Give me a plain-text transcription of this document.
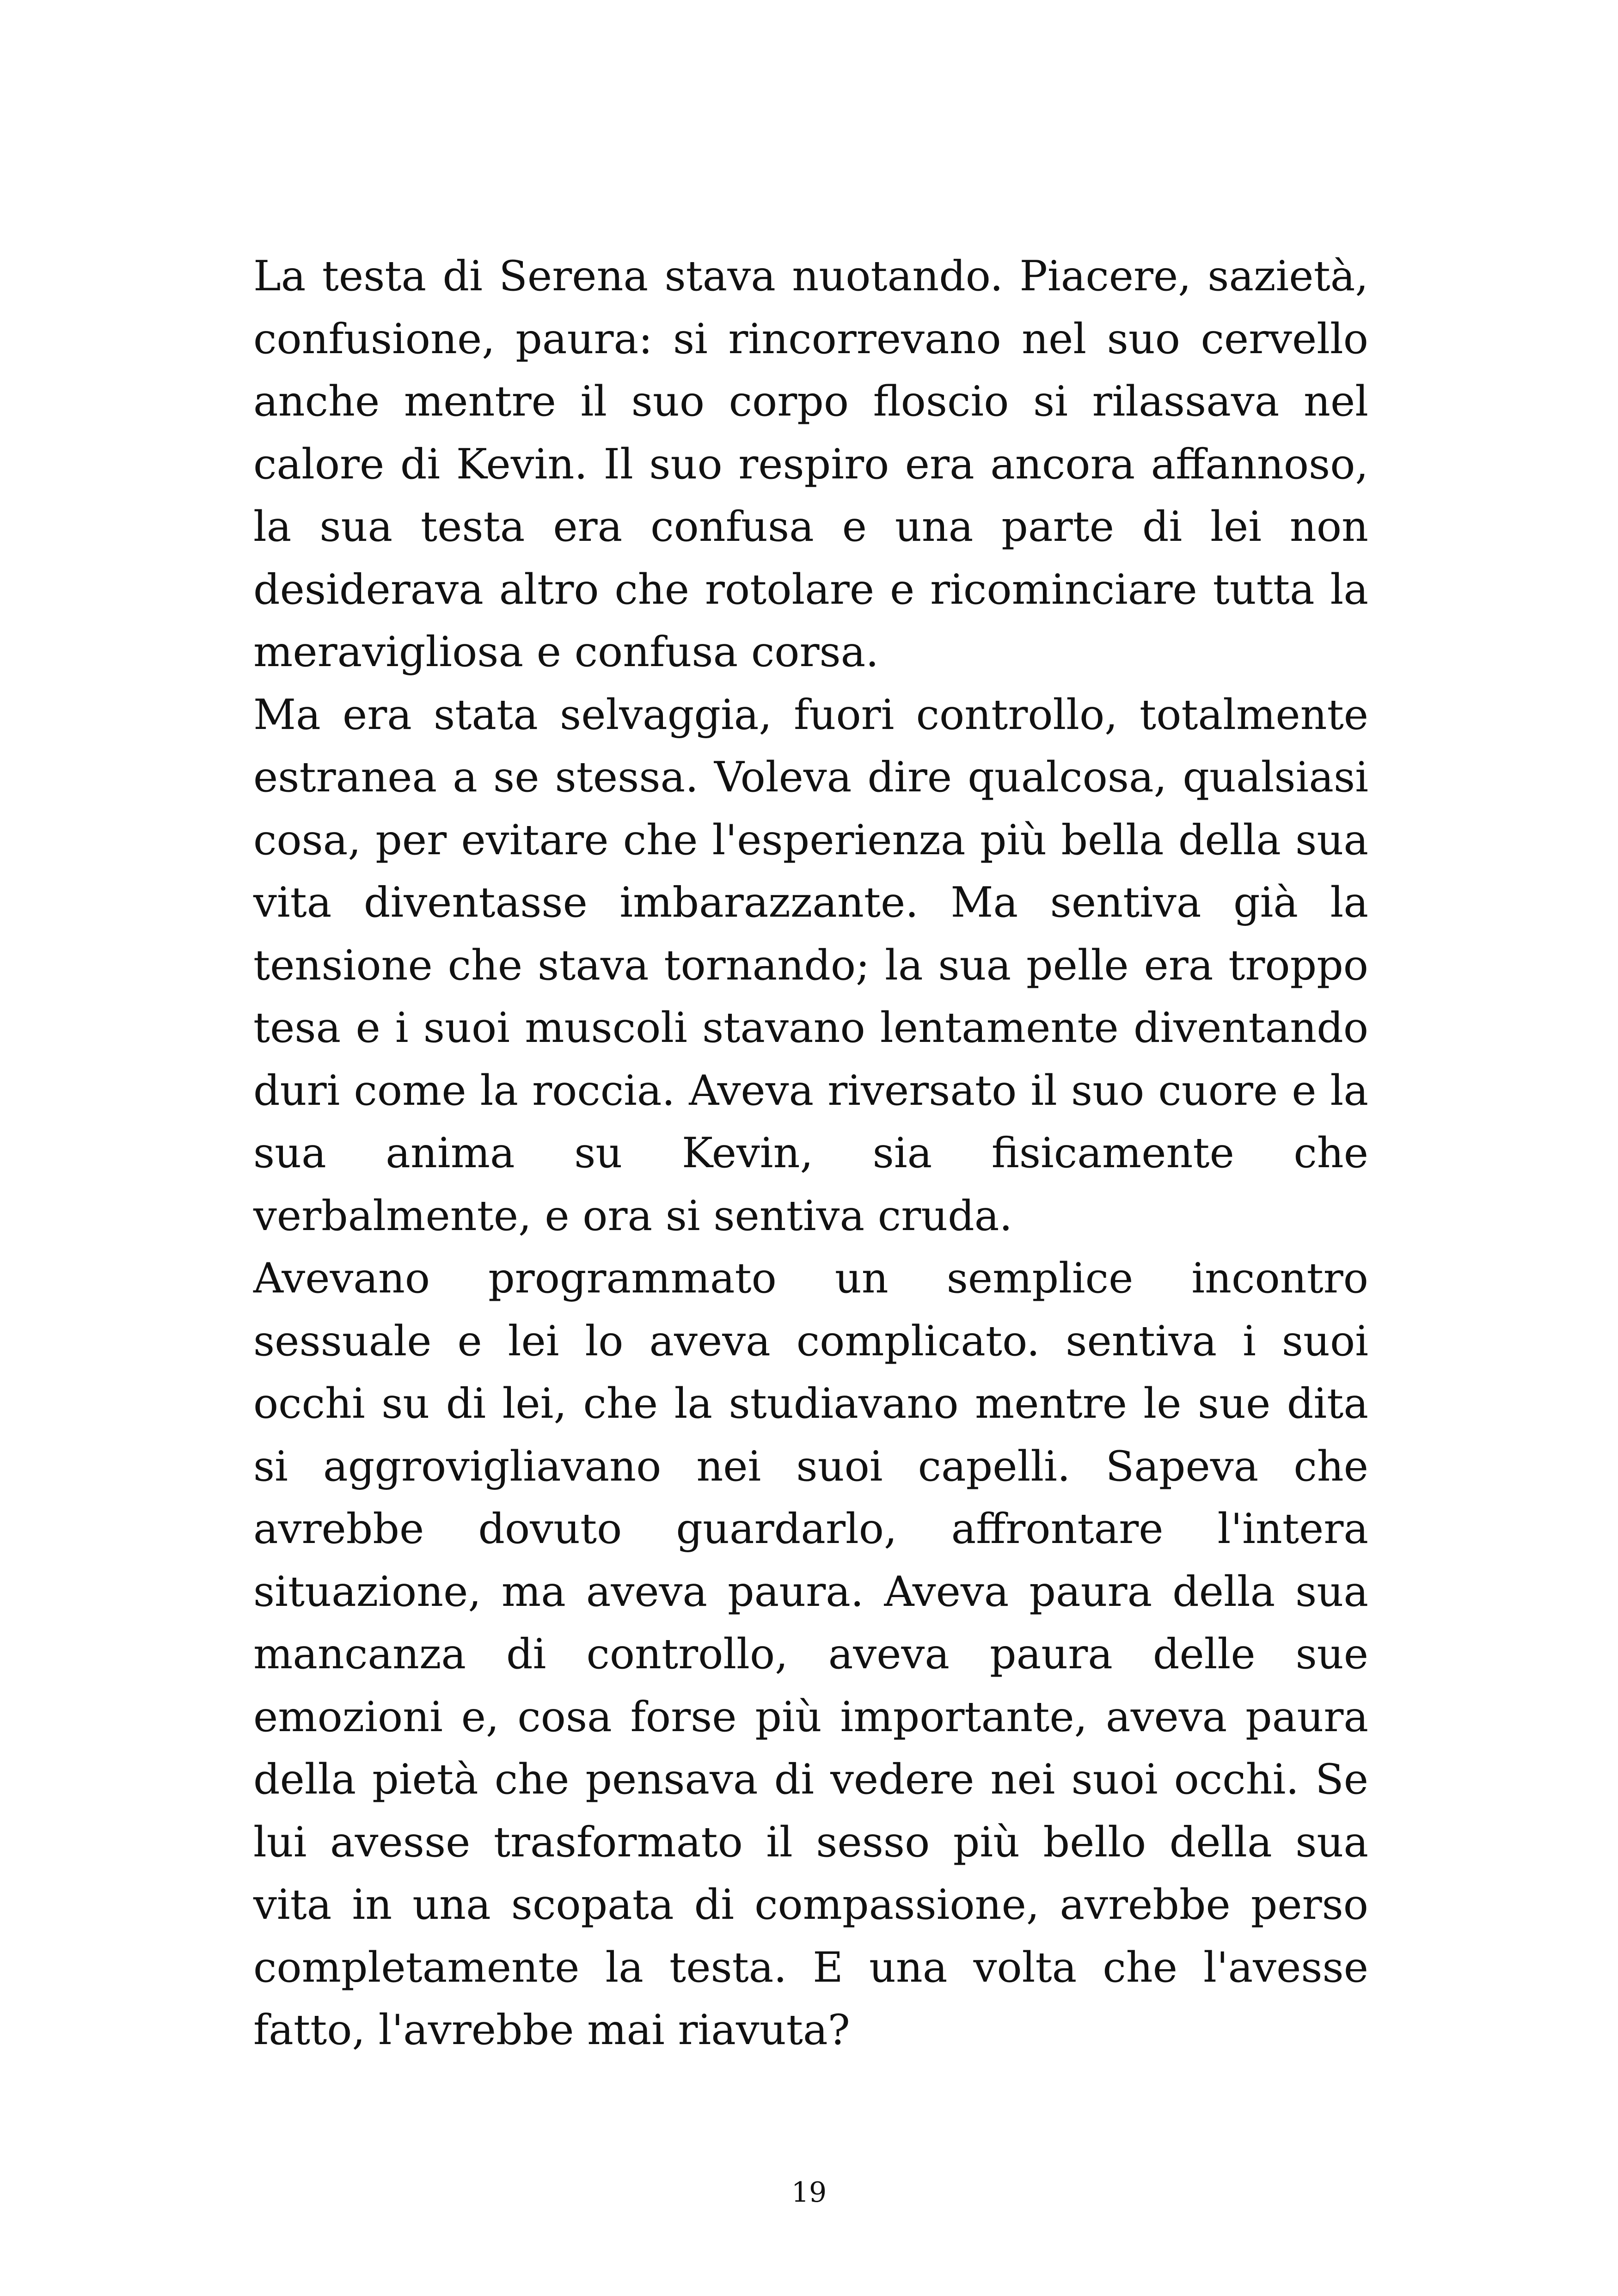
La testa di Serena stava nuotando. Piacere, sazietà, confusione, paura: si rincorrevano nel suo cervello anche mentre il suo corpo floscio si rilassava nel calore di Kevin. Il suo respiro era ancora affannoso, la sua testa era confusa e una parte di lei non desiderava altro che rotolare e ricominciare tutta la meravigliosa e confusa corsa.

Ma era stata selvaggia, fuori controllo, totalmente estranea a se stessa. Voleva dire qualcosa, qualsiasi cosa, per evitare che l'esperienza più bella della sua vita diventasse imbarazzante. Ma sentiva già la tensione che stava tornando; la sua pelle era troppo tesa e i suoi muscoli stavano lentamente diventando duri come la roccia. Aveva riversato il suo cuore e la sua anima su Kevin, sia fisicamente che verbalmente, e ora si sentiva cruda.

Avevano programmato un semplice incontro sessuale e lei lo aveva complicato. sentiva i suoi occhi su di lei, che la studiavano mentre le sue dita si aggrovigliavano nei suoi capelli. Sapeva che avrebbe dovuto guardarlo, affrontare l'intera situazione, ma aveva paura. Aveva paura della sua mancanza di controllo, aveva paura delle sue emozioni e, cosa forse più importante, aveva paura della pietà che pensava di vedere nei suoi occhi. Se lui avesse trasformato il sesso più bello della sua vita in una scopata di compassione, avrebbe perso completamente la testa. E una volta che l'avesse fatto, l'avrebbe mai riavuta?

19
